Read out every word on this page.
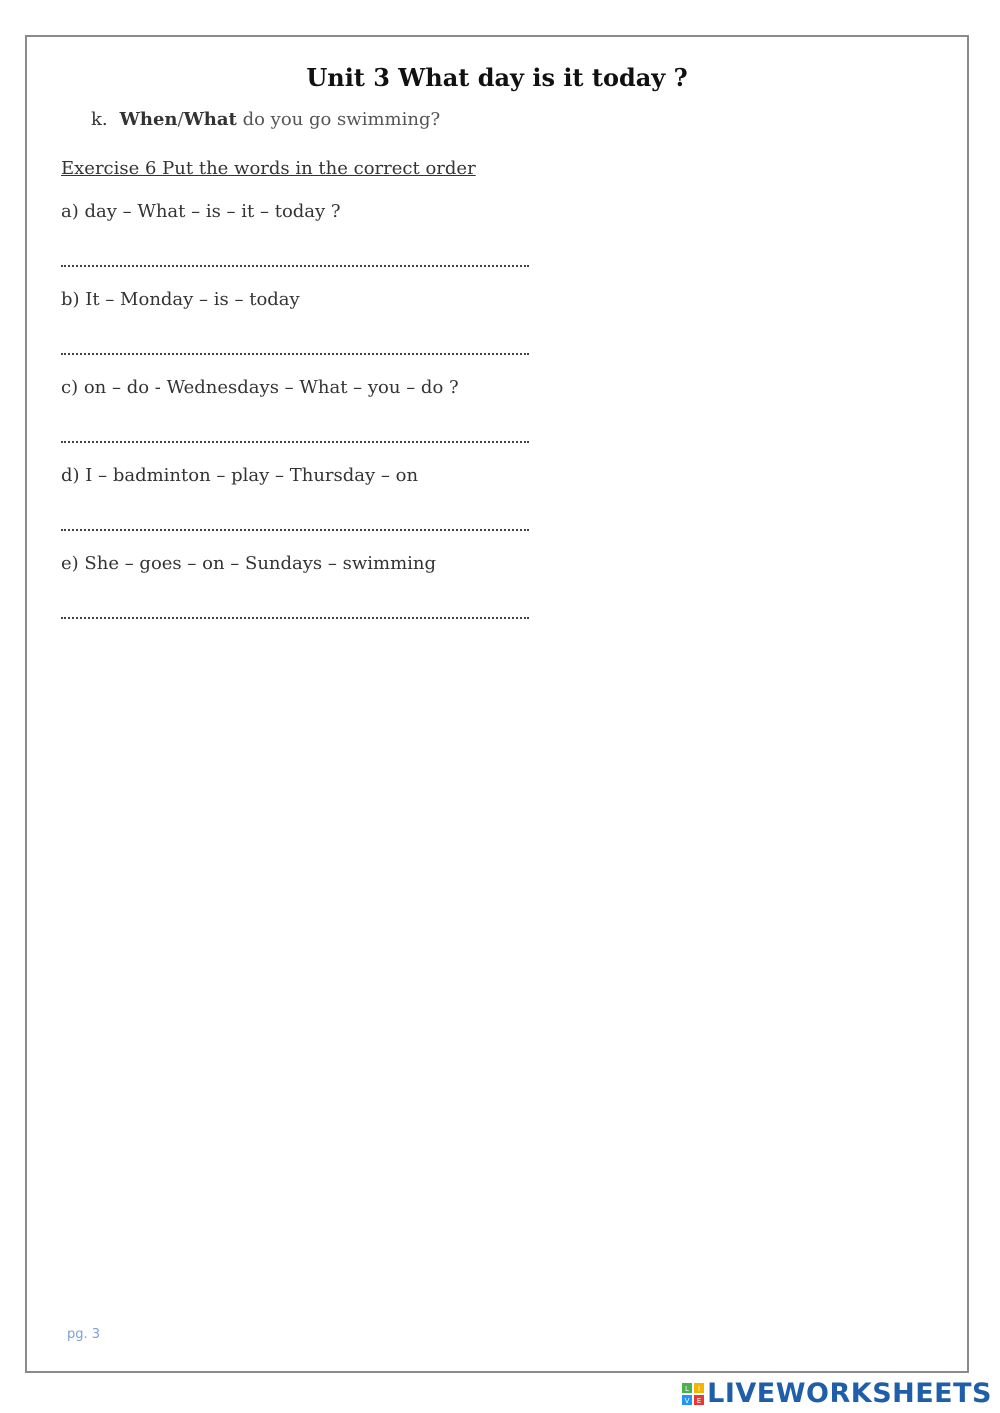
Unit 3 What day is it today ?
k. When/What do you go swimming?
Exercise 6 Put the words in the correct order
a) day – What – is – it – today ?
b) It – Monday – is – today
c) on – do - Wednesdays – What – you – do ?
d) I – badminton – play – Thursday – on
e) She – goes – on – Sundays – swimming
pg. 3
L I
V E LIVEWORKSHEETS
